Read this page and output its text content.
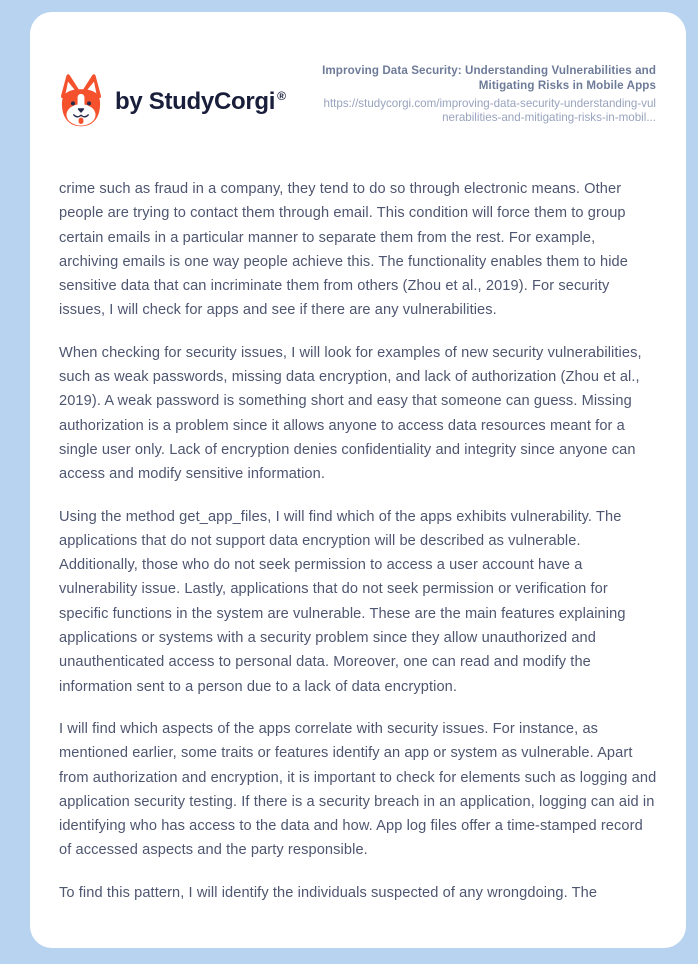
by StudyCorgi ®
Improving Data Security: Understanding Vulnerabilities and Mitigating Risks in Mobile Apps
https://studycorgi.com/improving-data-security-understanding-vulnerabilities-and-mitigating-risks-in-mobil...

crime such as fraud in a company, they tend to do so through electronic means. Other people are trying to contact them through email. This condition will force them to group certain emails in a particular manner to separate them from the rest. For example, archiving emails is one way people achieve this. The functionality enables them to hide sensitive data that can incriminate them from others (Zhou et al., 2019). For security issues, I will check for apps and see if there are any vulnerabilities.

When checking for security issues, I will look for examples of new security vulnerabilities, such as weak passwords, missing data encryption, and lack of authorization (Zhou et al., 2019). A weak password is something short and easy that someone can guess. Missing authorization is a problem since it allows anyone to access data resources meant for a single user only. Lack of encryption denies confidentiality and integrity since anyone can access and modify sensitive information.

Using the method get_app_files, I will find which of the apps exhibits vulnerability. The applications that do not support data encryption will be described as vulnerable. Additionally, those who do not seek permission to access a user account have a vulnerability issue. Lastly, applications that do not seek permission or verification for specific functions in the system are vulnerable. These are the main features explaining applications or systems with a security problem since they allow unauthorized and unauthenticated access to personal data. Moreover, one can read and modify the information sent to a person due to a lack of data encryption.

I will find which aspects of the apps correlate with security issues. For instance, as mentioned earlier, some traits or features identify an app or system as vulnerable. Apart from authorization and encryption, it is important to check for elements such as logging and application security testing. If there is a security breach in an application, logging can aid in identifying who has access to the data and how. App log files offer a time-stamped record of accessed aspects and the party responsible.

To find this pattern, I will identify the individuals suspected of any wrongdoing. The
